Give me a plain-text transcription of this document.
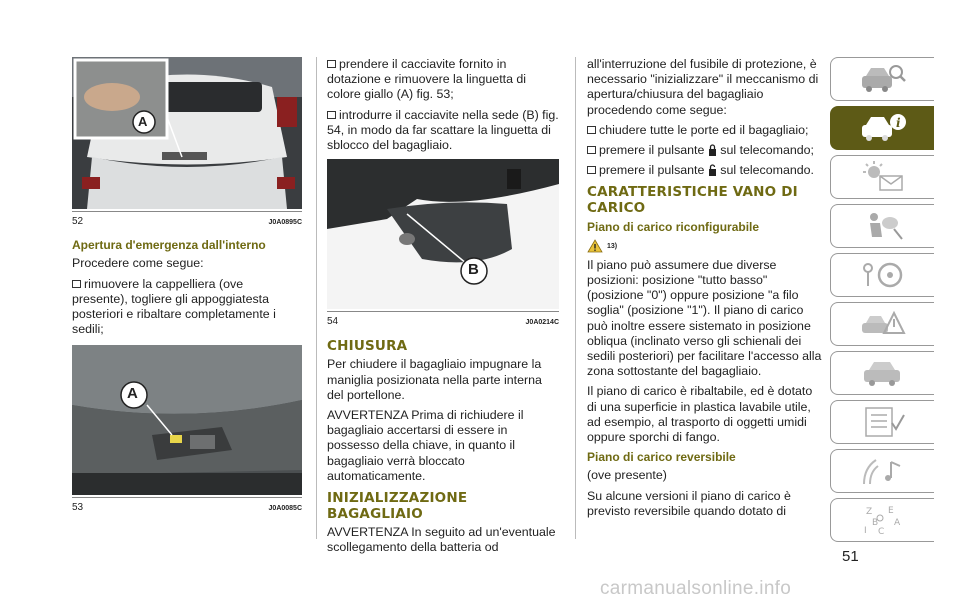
A
52	J0A0895C
Apertura d'emergenza dall'interno

Procedere come segue:

rimuovere la cappelliera (ove presente), togliere gli appoggiatesta posteriori e ribaltare completamente i sedili;

A
53	J0A0085C

prendere il cacciavite fornito in dotazione e rimuovere la linguetta di colore giallo (A) fig. 53;

introdurre il cacciavite nella sede (B) fig. 54, in modo da far scattare la linguetta di sblocco del bagagliaio.

B
54	J0A0214C
CHIUSURA

Per chiudere il bagagliaio impugnare la maniglia posizionata nella parte interna del portellone.

AVVERTENZA Prima di richiudere il bagagliaio accertarsi di essere in possesso della chiave, in quanto il bagagliaio verrà bloccato automaticamente.

INIZIALIZZAZIONE BAGAGLIAIO

AVVERTENZA In seguito ad un'eventuale scollegamento della batteria od

all'interruzione del fusibile di protezione, è necessario "inizializzare" il meccanismo di apertura/chiusura del bagagliaio procedendo come segue:

chiudere tutte le porte ed il bagagliaio;

premere il pulsante sul telecomando;

premere il pulsante sul telecomando.

CARATTERISTICHE VANO DI CARICO
Piano di carico riconfigurabile
13)

Il piano può assumere due diverse posizioni: posizione "tutto basso" (posizione "0") oppure posizione "a filo soglia" (posizione "1"). Il piano di carico può inoltre essere sistemato in posizione obliqua (inclinato verso gli schienali dei sedili posteriori) per facilitare l'accesso alla zona sottostante del bagagliaio.

Il piano di carico è ribaltabile, ed è dotato di una superficie in plastica lavabile utile, ad esempio, al trasporto di oggetti umidi oppure sporchi di fango.

Piano di carico reversibile

(ove presente)

Su alcune versioni il piano di carico è previsto reversibile quando dotato di

i
Z E
B A
C
I
51
carmanualsonline.info
